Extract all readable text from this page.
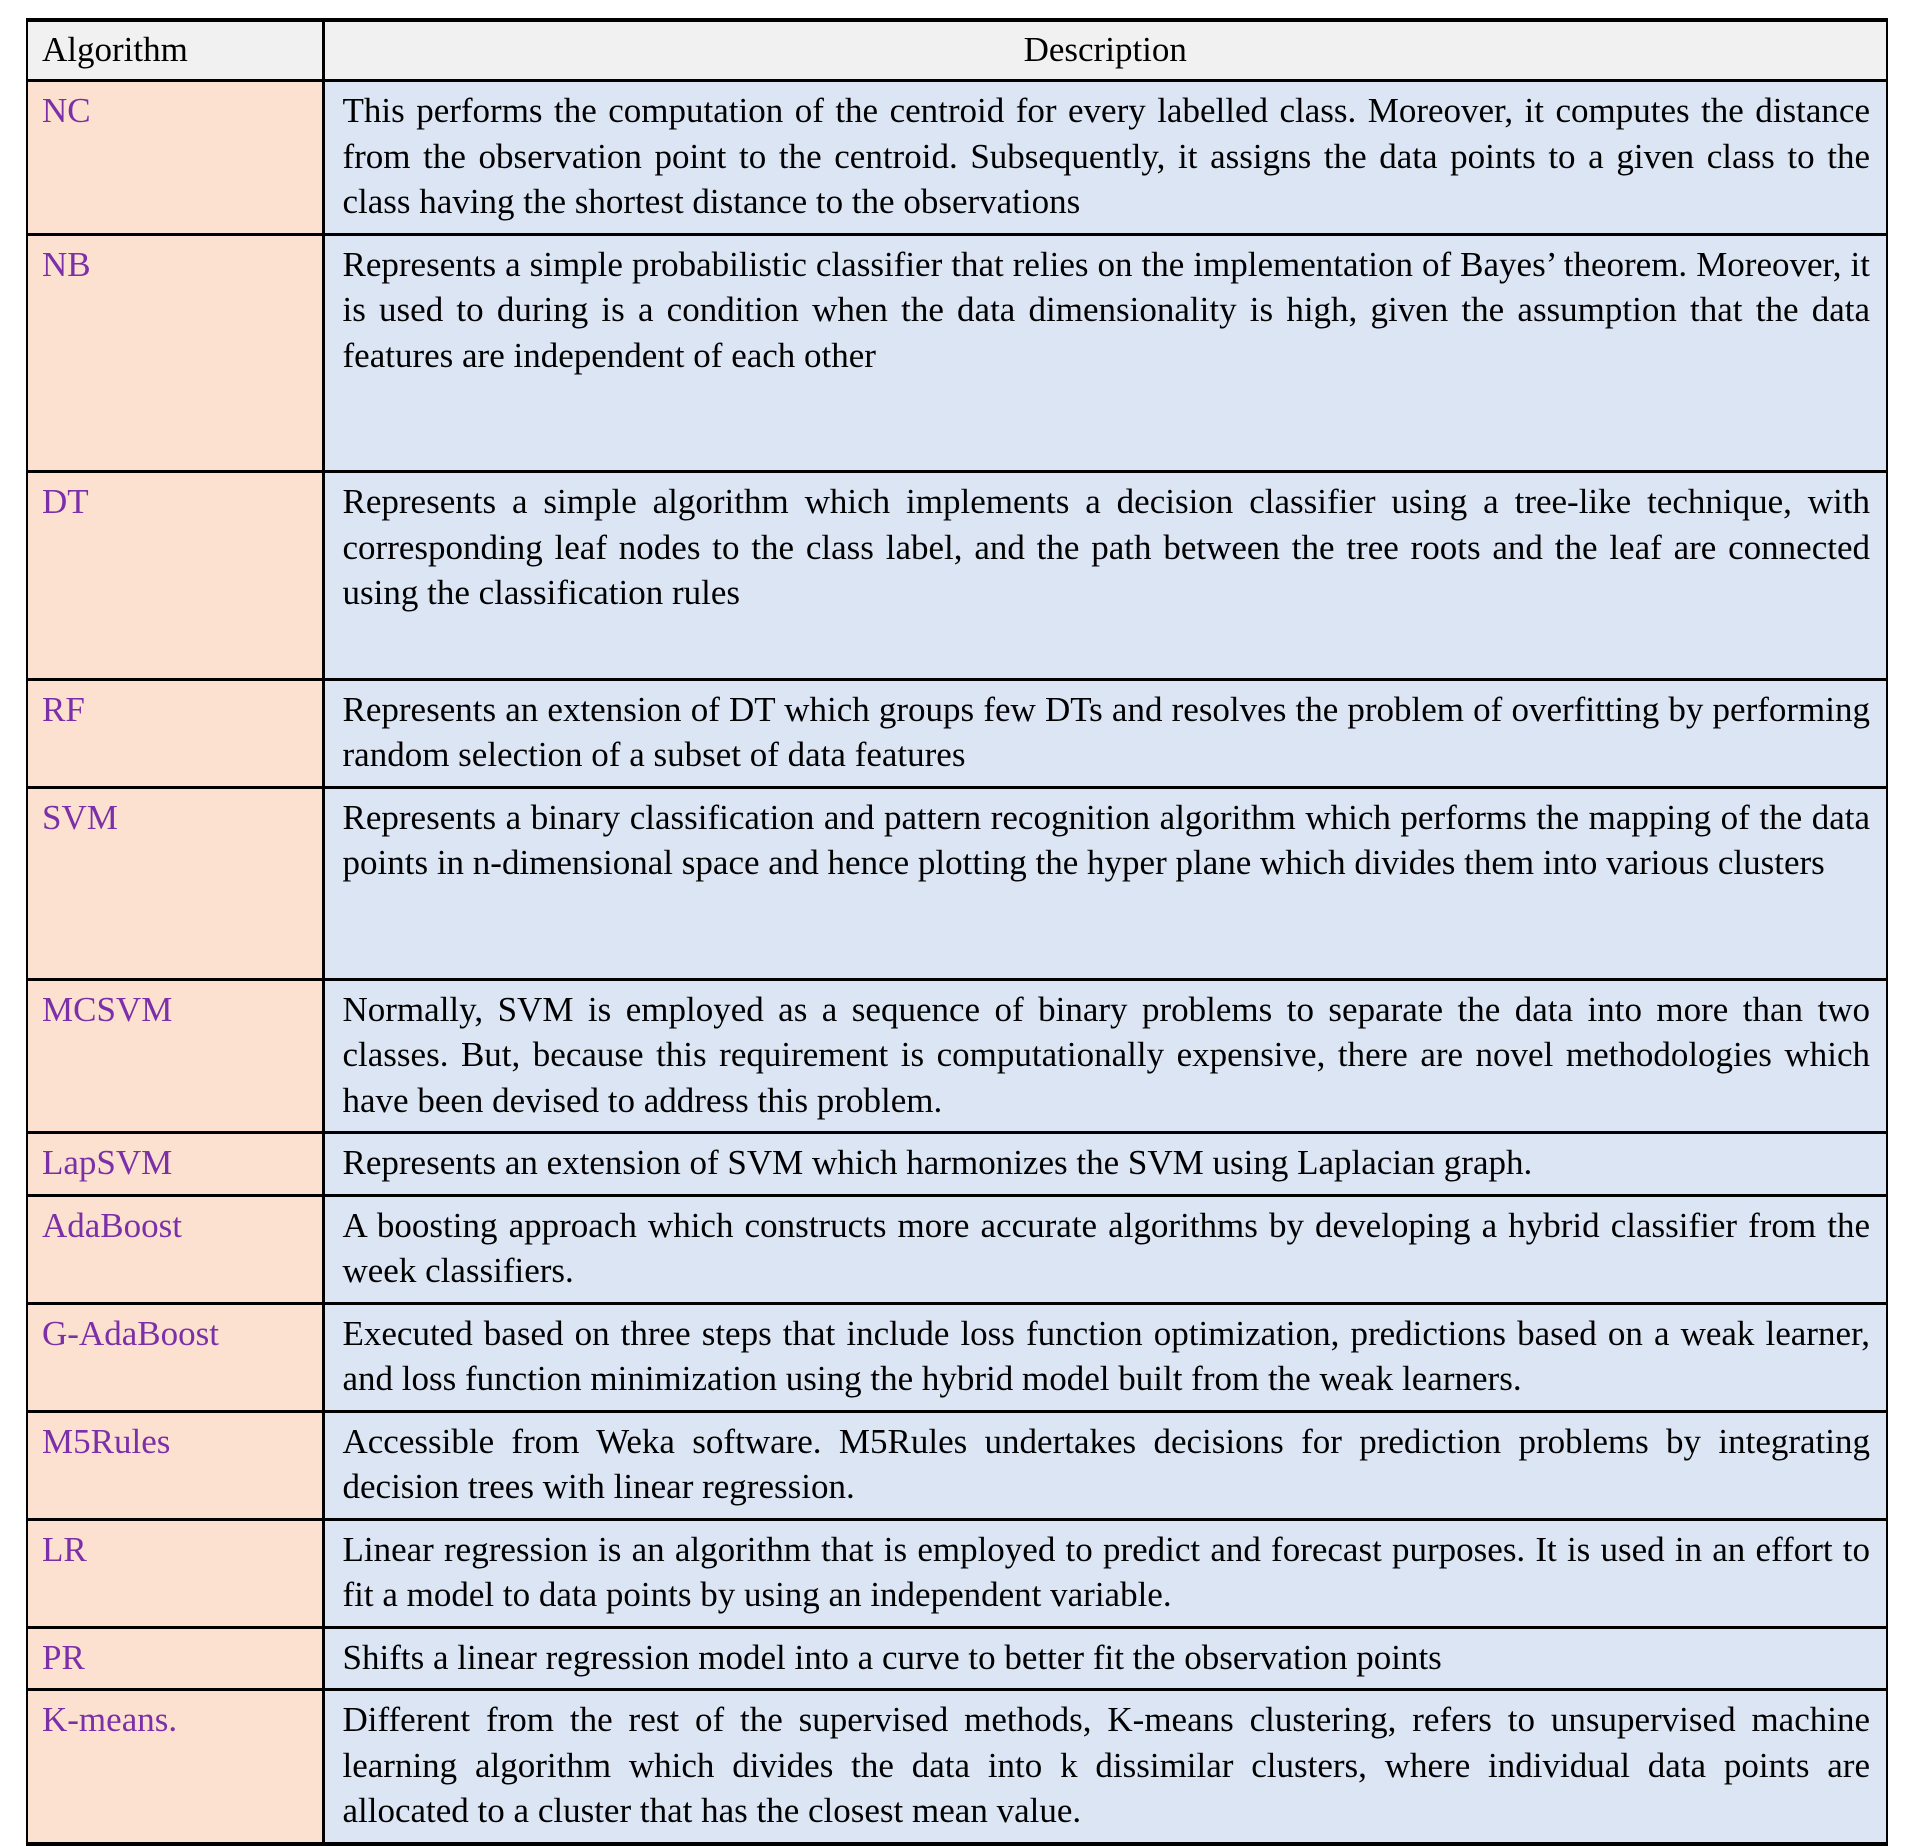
Algorithm	Description
NC	This performs the computation of the centroid for every labelled class. Moreover, it computes the distance from the observation point to the centroid. Subsequently, it assigns the data points to a given class to the class having the shortest distance to the observations
NB	Represents a simple probabilistic classifier that relies on the implementation of Bayes’ theorem. Moreover, it is used to during is a condition when the data dimensionality is high, given the assumption that the data features are independent of each other
DT	Represents a simple algorithm which implements a decision classifier using a tree-like technique, with corresponding leaf nodes to the class label, and the path between the tree roots and the leaf are connected using the classification rules
RF	Represents an extension of DT which groups few DTs and resolves the problem of overfitting by performing random selection of a subset of data features
SVM	Represents a binary classification and pattern recognition algorithm which performs the mapping of the data points in n-dimensional space and hence plotting the hyper plane which divides them into various clusters
MCSVM	Normally, SVM is employed as a sequence of binary problems to separate the data into more than two classes. But, because this requirement is computationally expensive, there are novel methodologies which have been devised to address this problem.
LapSVM	Represents an extension of SVM which harmonizes the SVM using Laplacian graph.
AdaBoost	A boosting approach which constructs more accurate algorithms by developing a hybrid classifier from the week classifiers.
G-AdaBoost	Executed based on three steps that include loss function optimization, predictions based on a weak learner, and loss function minimization using the hybrid model built from the weak learners.
M5Rules	Accessible from Weka software. M5Rules undertakes decisions for prediction problems by integrating decision trees with linear regression.
LR	Linear regression is an algorithm that is employed to predict and forecast purposes. It is used in an effort to fit a model to data points by using an independent variable.
PR	Shifts a linear regression model into a curve to better fit the observation points
K-means.	Different from the rest of the supervised methods, K-means clustering, refers to unsupervised machine learning algorithm which divides the data into k dissimilar clusters, where individual data points are allocated to a cluster that has the closest mean value.
